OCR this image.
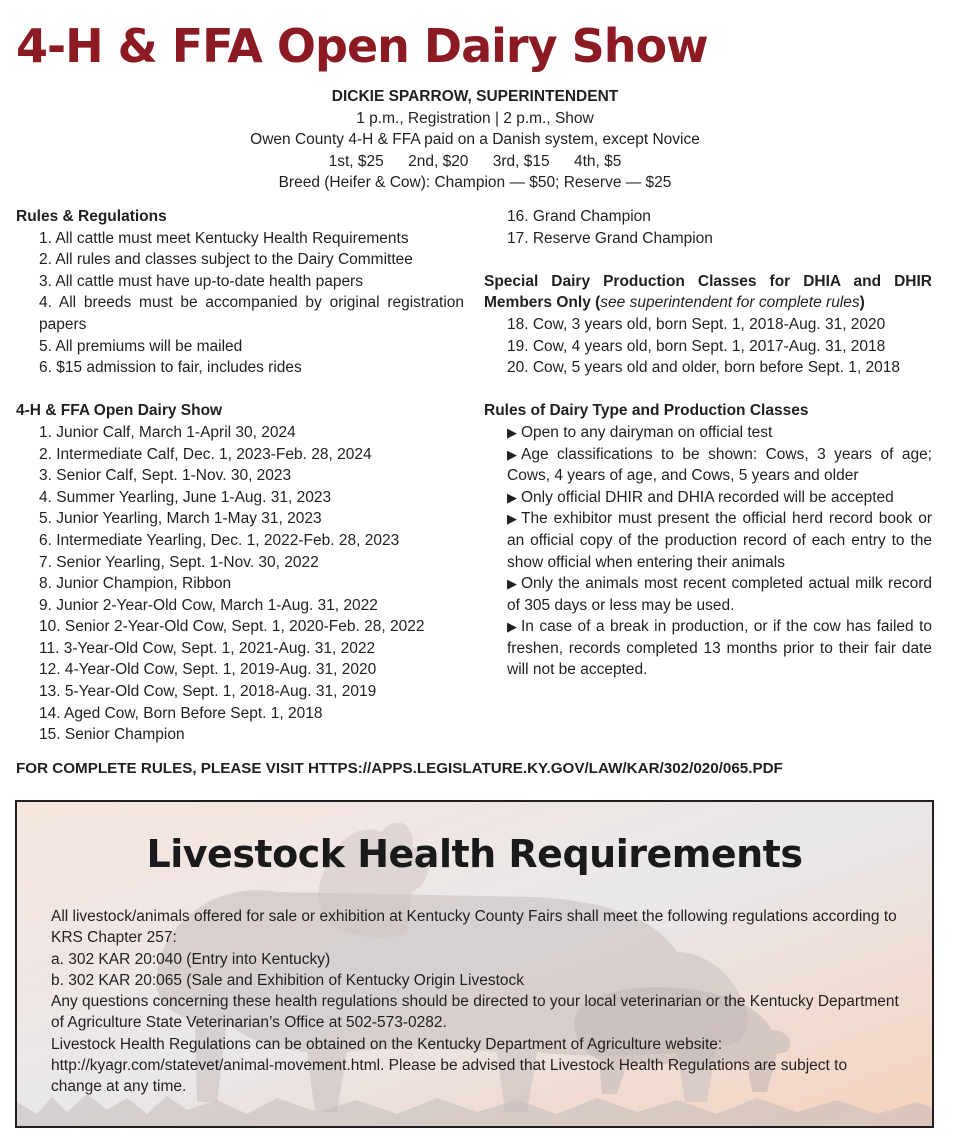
4-H & FFA Open Dairy Show
DICKIE SPARROW, SUPERINTENDENT
1 p.m., Registration | 2 p.m., Show
Owen County 4-H & FFA paid on a Danish system, except Novice
1st, $25 2nd, $20 3rd, $15 4th, $5
Breed (Heifer & Cow): Champion — $50; Reserve — $25
Rules & Regulations
1. All cattle must meet Kentucky Health Requirements
2. All rules and classes subject to the Dairy Committee
3. All cattle must have up-to-date health papers
4. All breeds must be accompanied by original registration papers
5. All premiums will be mailed
6. $15 admission to fair, includes rides
4-H & FFA Open Dairy Show
1. Junior Calf, March 1-April 30, 2024
2. Intermediate Calf, Dec. 1, 2023-Feb. 28, 2024
3. Senior Calf, Sept. 1-Nov. 30, 2023
4. Summer Yearling, June 1-Aug. 31, 2023
5. Junior Yearling, March 1-May 31, 2023
6. Intermediate Yearling, Dec. 1, 2022-Feb. 28, 2023
7. Senior Yearling, Sept. 1-Nov. 30, 2022
8. Junior Champion, Ribbon
9. Junior 2-Year-Old Cow, March 1-Aug. 31, 2022
10. Senior 2-Year-Old Cow, Sept. 1, 2020-Feb. 28, 2022
11. 3-Year-Old Cow, Sept. 1, 2021-Aug. 31, 2022
12. 4-Year-Old Cow, Sept. 1, 2019-Aug. 31, 2020
13. 5-Year-Old Cow, Sept. 1, 2018-Aug. 31, 2019
14. Aged Cow, Born Before Sept. 1, 2018
15. Senior Champion
16. Grand Champion
17. Reserve Grand Champion
Special Dairy Production Classes for DHIA and DHIR Members Only (see superintendent for complete rules)
18. Cow, 3 years old, born Sept. 1, 2018-Aug. 31, 2020
19. Cow, 4 years old, born Sept. 1, 2017-Aug. 31, 2018
20. Cow, 5 years old and older, born before Sept. 1, 2018
Rules of Dairy Type and Production Classes
▶ Open to any dairyman on official test
▶ Age classifications to be shown: Cows, 3 years of age; Cows, 4 years of age, and Cows, 5 years and older
▶ Only official DHIR and DHIA recorded will be accepted
▶ The exhibitor must present the official herd record book or an official copy of the production record of each entry to the show official when entering their animals
▶ Only the animals most recent completed actual milk record of 305 days or less may be used.
▶ In case of a break in production, or if the cow has failed to freshen, records completed 13 months prior to their fair date will not be accepted.
FOR COMPLETE RULES, PLEASE VISIT HTTPS://APPS.LEGISLATURE.KY.GOV/LAW/KAR/302/020/065.PDF
Livestock Health Requirements
All livestock/animals offered for sale or exhibition at Kentucky County Fairs shall meet the following regulations according to KRS Chapter 257:
a. 302 KAR 20:040 (Entry into Kentucky)
b. 302 KAR 20:065 (Sale and Exhibition of Kentucky Origin Livestock
Any questions concerning these health regulations should be directed to your local veterinarian or the Kentucky Department of Agriculture State Veterinarian’s Office at 502-573-0282.
Livestock Health Regulations can be obtained on the Kentucky Department of Agriculture website: http://kyagr.com/statevet/animal-movement.html. Please be advised that Livestock Health Regulations are subject to change at any time.
